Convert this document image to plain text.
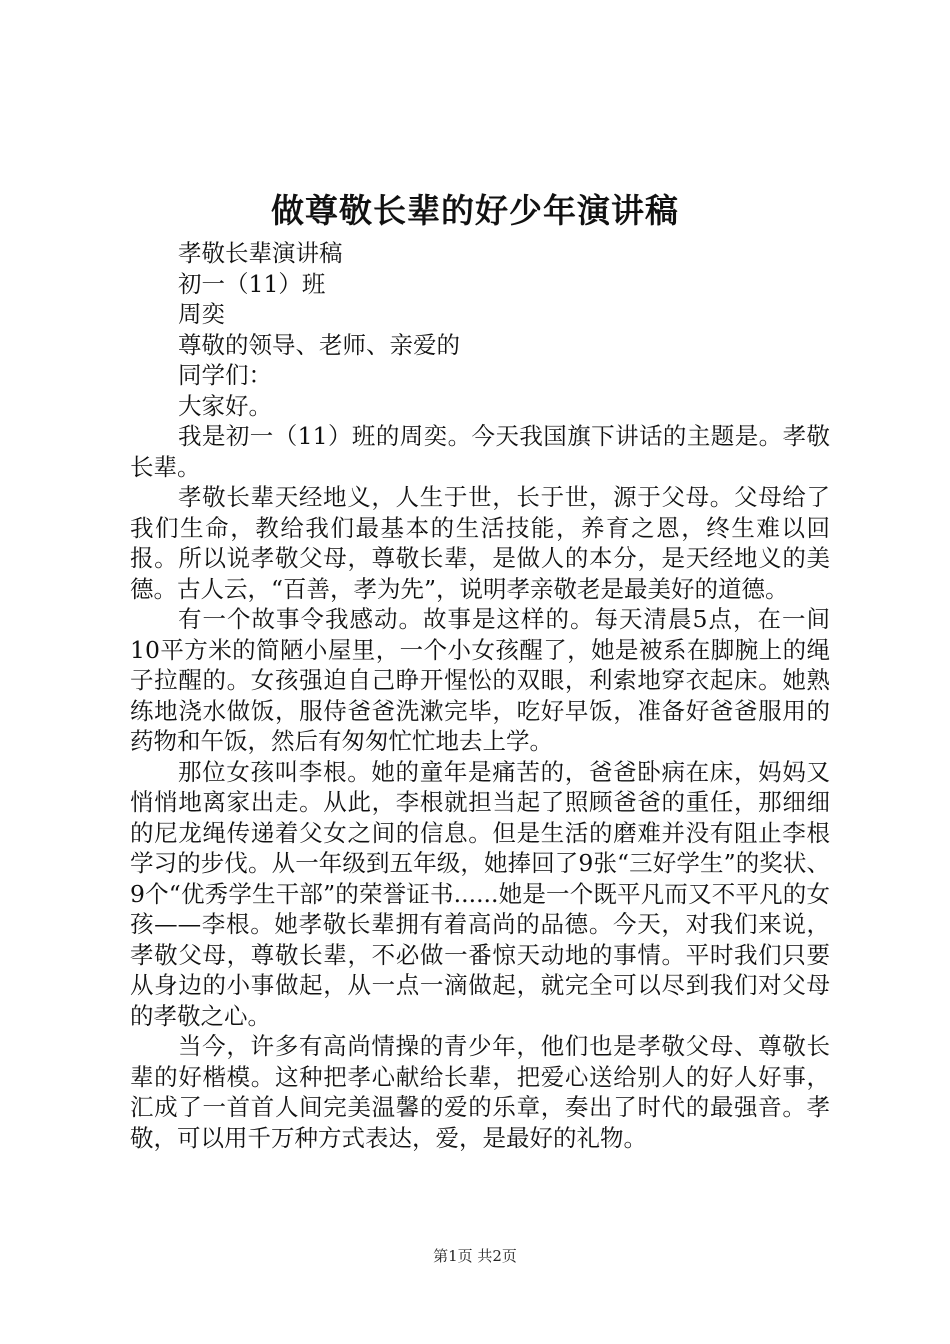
做尊敬长辈的好少年演讲稿

孝敬长辈演讲稿

初一（11）班

周奕

尊敬的领导、老师、亲爱的

同学们：

大家好。

我是初一（11）班的周奕。今天我国旗下讲话的主题是。孝敬长辈。

孝敬长辈天经地义，人生于世，长于世，源于父母。父母给了我们生命，教给我们最基本的生活技能，养育之恩，终生难以回报。所以说孝敬父母，尊敬长辈，是做人的本分，是天经地义的美德。古人云，“百善，孝为先”，说明孝亲敬老是最美好的道德。

有一个故事令我感动。故事是这样的。每天清晨5点，在一间10平方米的简陋小屋里，一个小女孩醒了，她是被系在脚腕上的绳子拉醒的。女孩强迫自己睁开惺忪的双眼，利索地穿衣起床。她熟练地浇水做饭，服侍爸爸洗漱完毕，吃好早饭，准备好爸爸服用的药物和午饭，然后有匆匆忙忙地去上学。

那位女孩叫李根。她的童年是痛苦的，爸爸卧病在床，妈妈又悄悄地离家出走。从此，李根就担当起了照顾爸爸的重任，那细细的尼龙绳传递着父女之间的信息。但是生活的磨难并没有阻止李根学习的步伐。从一年级到五年级，她捧回了9张“三好学生”的奖状、9个“优秀学生干部”的荣誉证书......她是一个既平凡而又不平凡的女孩——李根。她孝敬长辈拥有着高尚的品德。今天，对我们来说，孝敬父母，尊敬长辈，不必做一番惊天动地的事情。平时我们只要从身边的小事做起，从一点一滴做起，就完全可以尽到我们对父母的孝敬之心。

当今，许多有高尚情操的青少年，他们也是孝敬父母、尊敬长辈的好楷模。这种把孝心献给长辈，把爱心送给别人的好人好事，汇成了一首首人间完美温馨的爱的乐章，奏出了时代的最强音。孝敬，可以用千万种方式表达，爱，是最好的礼物。

第1页 共2页
